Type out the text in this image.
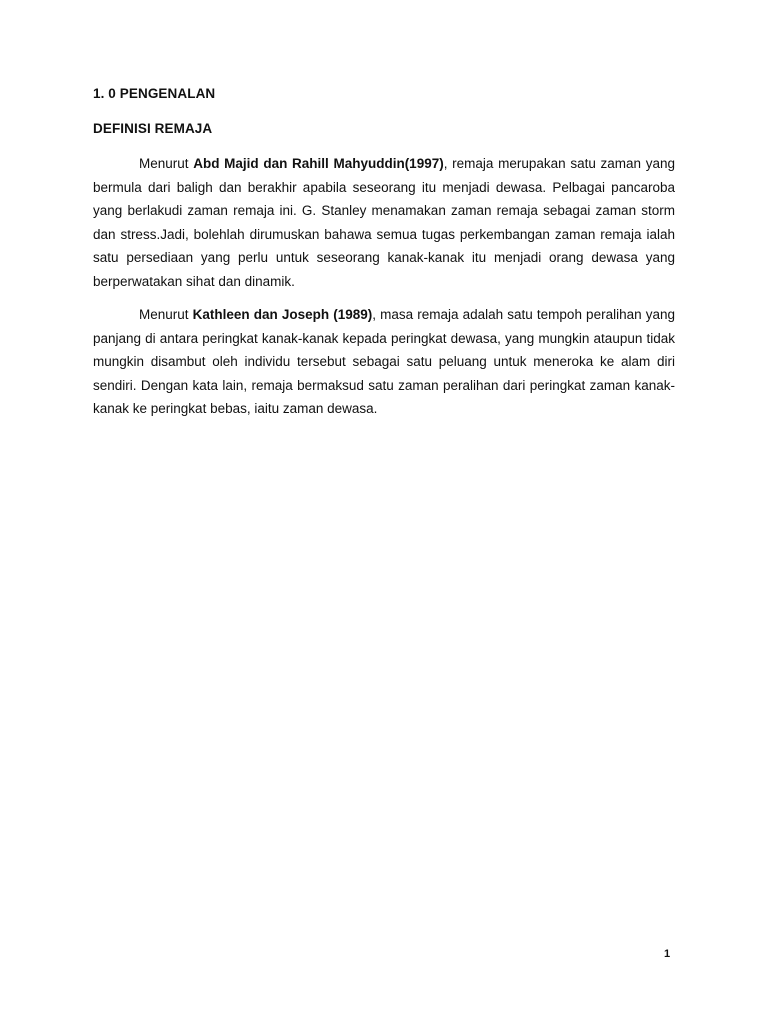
1. 0 PENGENALAN
DEFINISI REMAJA

Menurut Abd Majid dan Rahill Mahyuddin(1997), remaja merupakan satu zaman yang bermula dari baligh dan berakhir apabila seseorang itu menjadi dewasa. Pelbagai pancaroba yang berlakudi zaman remaja ini. G. Stanley menamakan zaman remaja sebagai zaman storm dan stress.Jadi, bolehlah dirumuskan bahawa semua tugas perkembangan zaman remaja ialah satu persediaan yang perlu untuk seseorang kanak-kanak itu menjadi orang dewasa yang berperwatakan sihat dan dinamik.

Menurut Kathleen dan Joseph (1989), masa remaja adalah satu tempoh peralihan yang panjang di antara peringkat kanak-kanak kepada peringkat dewasa, yang mungkin ataupun tidak mungkin disambut oleh individu tersebut sebagai satu peluang untuk meneroka ke alam diri sendiri. Dengan kata lain, remaja bermaksud satu zaman peralihan dari peringkat zaman kanak-kanak ke peringkat bebas, iaitu zaman dewasa.

1
